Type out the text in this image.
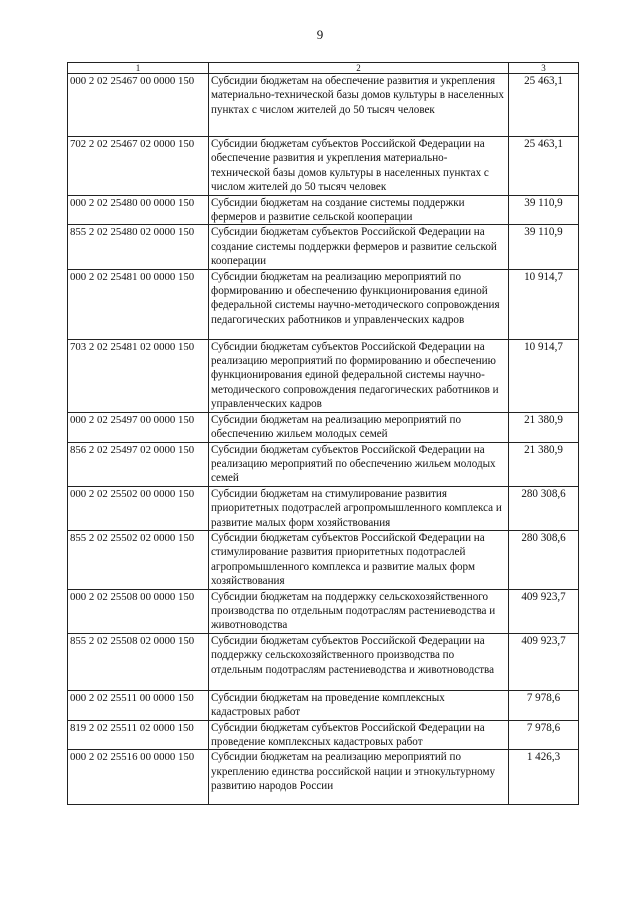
9
1	2	3
000 2 02 25467 00 0000 150	Субсидии бюджетам на обеспечение развития и укрепления материально-технической базы домов культуры в населенных пунктах с числом жителей до 50 тысяч человек	25 463,1
702 2 02 25467 02 0000 150	Субсидии бюджетам субъектов Российской Федерации на обеспечение развития и укрепления материально-технической базы домов культуры в населенных пунктах с числом жителей до 50 тысяч человек	25 463,1
000 2 02 25480 00 0000 150	Субсидии бюджетам на создание системы поддержки фермеров и развитие сельской кооперации	39 110,9
855 2 02 25480 02 0000 150	Субсидии бюджетам субъектов Российской Федерации на создание системы поддержки фермеров и развитие сельской кооперации	39 110,9
000 2 02 25481 00 0000 150	Субсидии бюджетам на реализацию мероприятий по формированию и обеспечению функционирования единой федеральной системы научно-методического сопровождения педагогических работников и управленческих кадров	10 914,7
703 2 02 25481 02 0000 150	Субсидии бюджетам субъектов Российской Федерации на реализацию мероприятий по формированию и обеспечению функционирования единой федеральной системы научно-методического сопровождения педагогических работников и управленческих кадров	10 914,7
000 2 02 25497 00 0000 150	Субсидии бюджетам на реализацию мероприятий по обеспечению жильем молодых семей	21 380,9
856 2 02 25497 02 0000 150	Субсидии бюджетам субъектов Российской Федерации на реализацию мероприятий по обеспечению жильем молодых семей	21 380,9
000 2 02 25502 00 0000 150	Субсидии бюджетам на стимулирование развития приоритетных подотраслей агропромышленного комплекса и развитие малых форм хозяйствования	280 308,6
855 2 02 25502 02 0000 150	Субсидии бюджетам субъектов Российской Федерации на стимулирование развития приоритетных подотраслей агропромышленного комплекса и развитие малых форм хозяйствования	280 308,6
000 2 02 25508 00 0000 150	Субсидии бюджетам на поддержку сельскохозяйственного производства по отдельным подотраслям растениеводства и животноводства	409 923,7
855 2 02 25508 02 0000 150	Субсидии бюджетам субъектов Российской Федерации на поддержку сельскохозяйственного производства по отдельным подотраслям растениеводства и животноводства	409 923,7
000 2 02 25511 00 0000 150	Субсидии бюджетам на проведение комплексных кадастровых работ	7 978,6
819 2 02 25511 02 0000 150	Субсидии бюджетам субъектов Российской Федерации на проведение комплексных кадастровых работ	7 978,6
000 2 02 25516 00 0000 150	Субсидии бюджетам на реализацию мероприятий по укреплению единства российской нации и этнокультурному развитию народов России	1 426,3
